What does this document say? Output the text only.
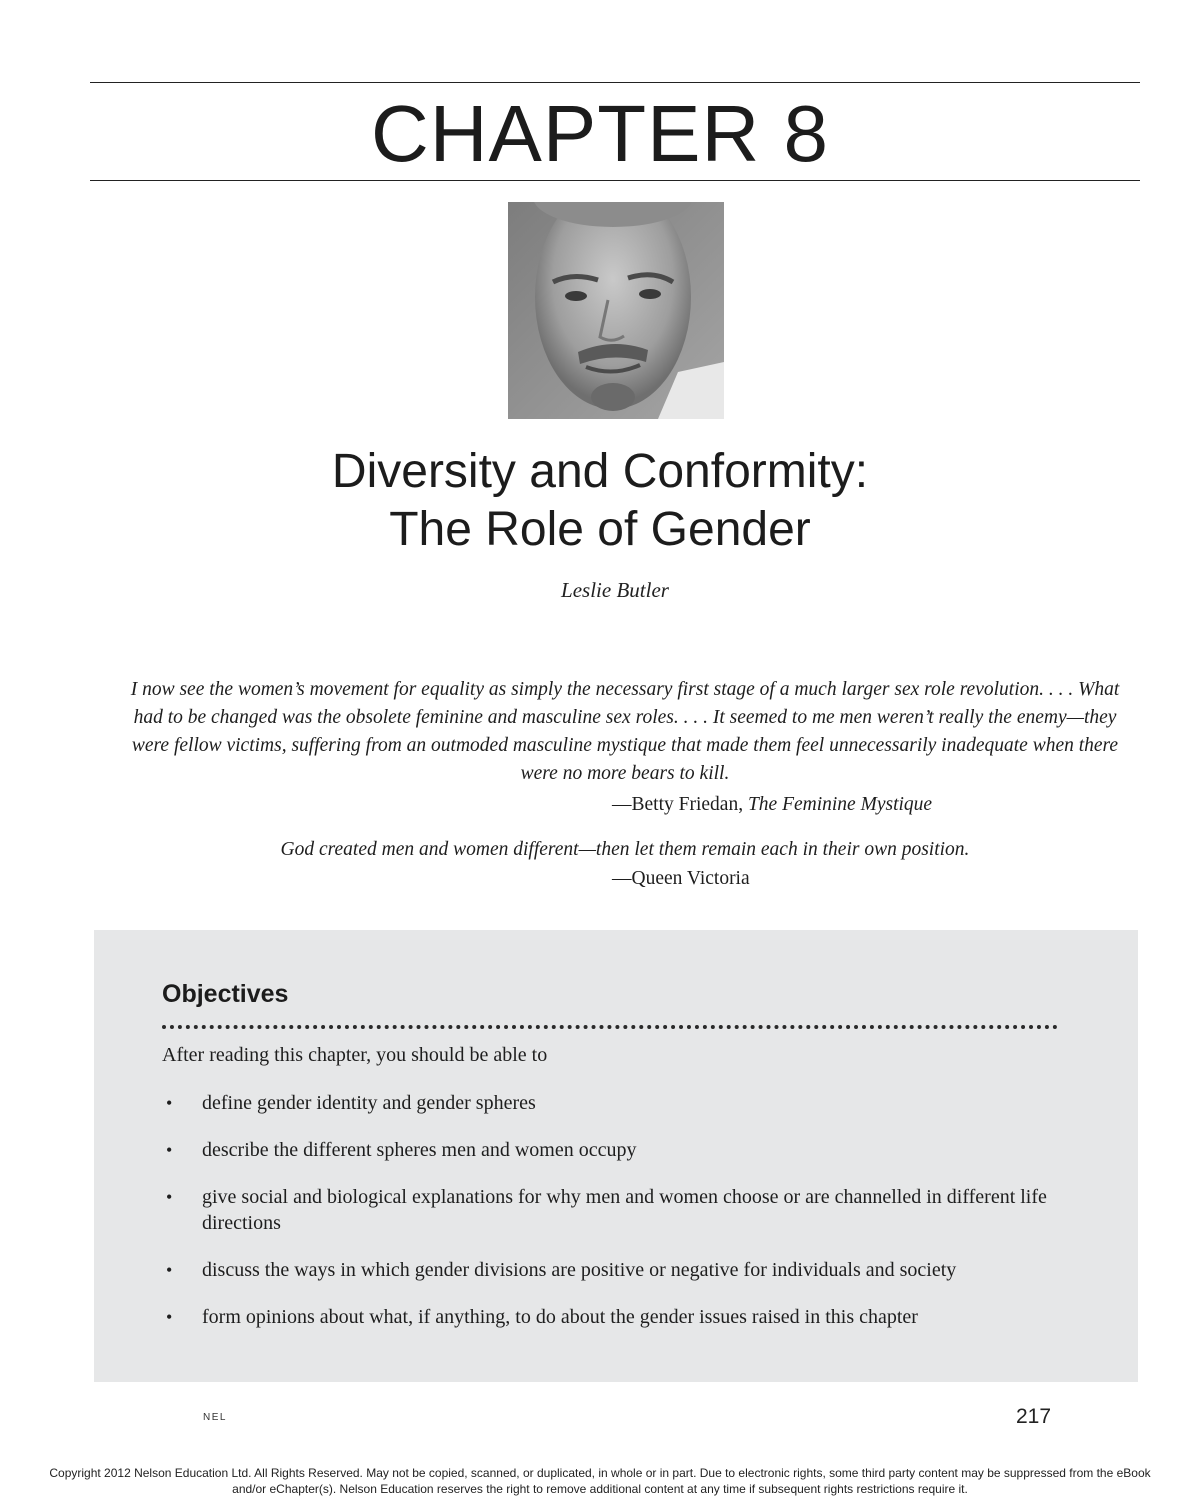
CHAPTER 8
Diversity and Conformity:
The Role of Gender
Leslie Butler
I now see the women’s movement for equality as simply the necessary first stage of a much larger sex role revolution. . . . What had to be changed was the obsolete feminine and masculine sex roles. . . . It seemed to me men weren’t really the enemy—they were fellow victims, suffering from an outmoded masculine mystique that made them feel unnecessarily inadequate when there were no more bears to kill.
—Betty Friedan, The Feminine Mystique
God created men and women different—then let them remain each in their own position.
—Queen Victoria
Objectives
After reading this chapter, you should be able to
• define gender identity and gender spheres
• describe the different spheres men and women occupy
• give social and biological explanations for why men and women choose or are channelled in different life directions
• discuss the ways in which gender divisions are positive or negative for individuals and society
• form opinions about what, if anything, to do about the gender issues raised in this chapter
NEL	217
Copyright 2012 Nelson Education Ltd. All Rights Reserved. May not be copied, scanned, or duplicated, in whole or in part. Due to electronic rights, some third party content may be suppressed from the eBook and/or eChapter(s). Nelson Education reserves the right to remove additional content at any time if subsequent rights restrictions require it.
